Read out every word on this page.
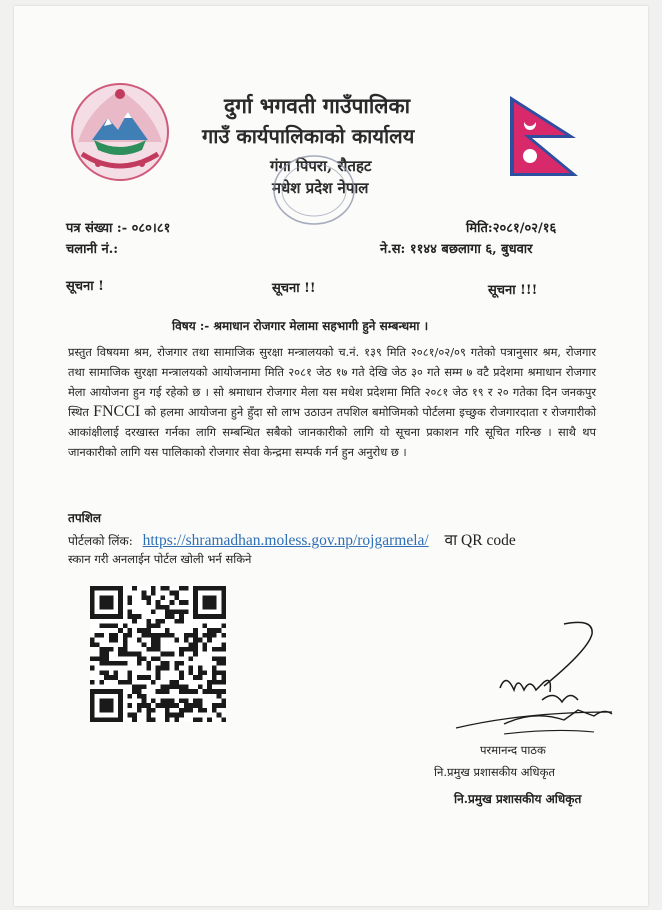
दुर्गा भगवती गाउँपालिका
गाउँ कार्यपालिकाको कार्यालय
गंगा पिपरा, रौतहट
मधेश प्रदेश नेपाल
पत्र संख्या :- ०८०।८१
चलानी नं.:
मिति:२०८१/०२/१६
ने.स: ११४४ बछलागा ६, बुधवार
सूचना !	सूचना !!	सूचना !!!
विषय :- श्रमाधान रोजगार मेलामा सहभागी हुने सम्बन्धमा ।
प्रस्तुत विषयमा श्रम, रोजगार तथा सामाजिक सुरक्षा मन्त्रालयको च.नं. १३९ मिति २०८१/०२/०९ गतेको पत्रानुसार श्रम, रोजगार तथा सामाजिक सुरक्षा मन्त्रालयको आयोजनामा मिति २०८१ जेठ १७ गते देखि जेठ ३० गते सम्म ७ वटै प्रदेशमा श्रमाधान रोजगार मेला आयोजना हुन गई रहेको छ । सो श्रमाधान रोजगार मेला यस मधेश प्रदेशमा मिति २०८१ जेठ १९ र २० गतेका दिन जनकपुर स्थित FNCCI को हलमा आयोजना हुने हुँदा सो लाभ उठाउन तपशिल बमोजिमको पोर्टलमा इच्छुक रोजगारदाता र रोजगारीको आकांक्षीलाई दरखास्त गर्नका लागि सम्बन्धित सबैको जानकारीको लागि यो सूचना प्रकाशन गरि सूचित गरिन्छ । साथै थप जानकारीको लागि यस पालिकाको रोजगार सेवा केन्द्रमा सम्पर्क गर्न हुन अनुरोध छ ।
तपशिल
पोर्टलको लिंक: https://shramadhan.moless.gov.np/rojgarmela/ वा QR code
स्कान गरी अनलाईन पोर्टल खोली भर्न सकिने
परमानन्द पाठक
नि.प्रमुख प्रशासकीय अधिकृत
नि.प्रमुख प्रशासकीय अधिकृत
